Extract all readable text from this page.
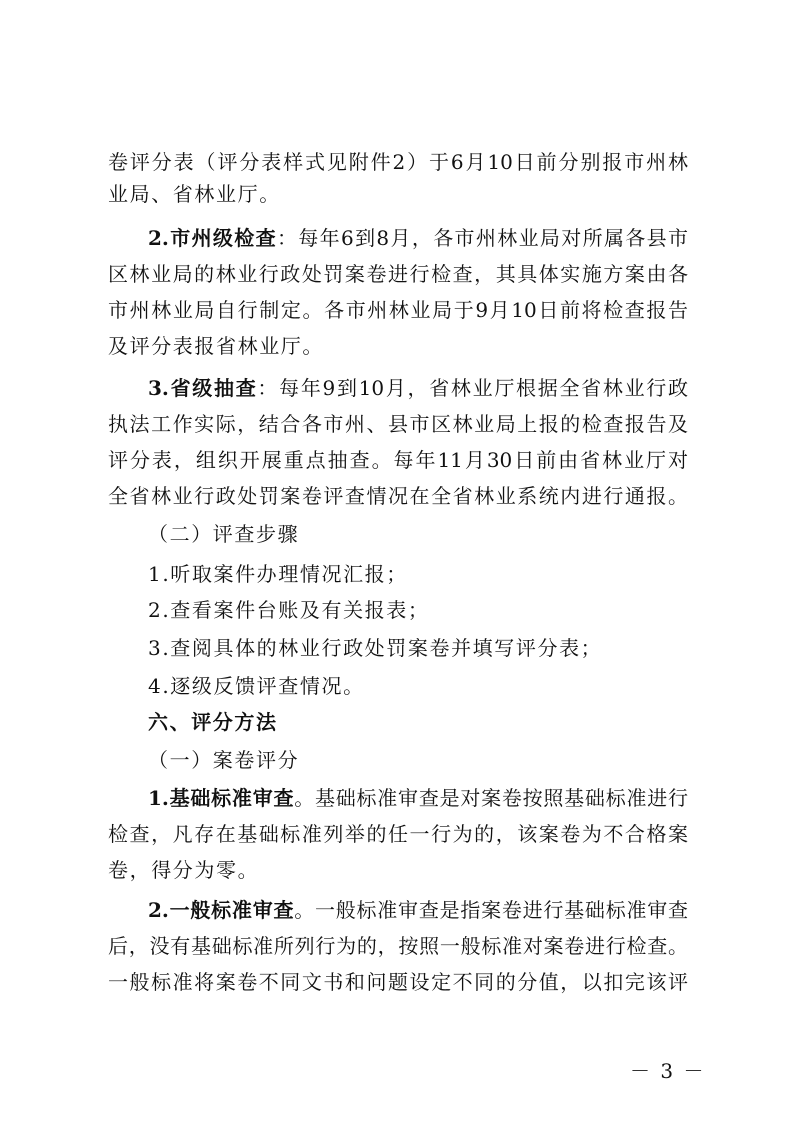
卷评分表（评分表样式见附件2）于6月10日前分别报市州林
业局、省林业厅。
2.市州级检查：每年6到8月，各市州林业局对所属各县市
区林业局的林业行政处罚案卷进行检查，其具体实施方案由各
市州林业局自行制定。各市州林业局于9月10日前将检查报告
及评分表报省林业厅。
3.省级抽查：每年9到10月，省林业厅根据全省林业行政
执法工作实际，结合各市州、县市区林业局上报的检查报告及
评分表，组织开展重点抽查。每年11月30日前由省林业厅对
全省林业行政处罚案卷评查情况在全省林业系统内进行通报。
（二）评查步骤
1.听取案件办理情况汇报；
2.查看案件台账及有关报表；
3.查阅具体的林业行政处罚案卷并填写评分表；
4.逐级反馈评查情况。
六、评分方法
（一）案卷评分
1.基础标准审查。基础标准审查是对案卷按照基础标准进行
检查，凡存在基础标准列举的任一行为的，该案卷为不合格案
卷，得分为零。
2.一般标准审查。一般标准审查是指案卷进行基础标准审查
后，没有基础标准所列行为的，按照一般标准对案卷进行检查。
一般标准将案卷不同文书和问题设定不同的分值，以扣完该评
－ 3 －
